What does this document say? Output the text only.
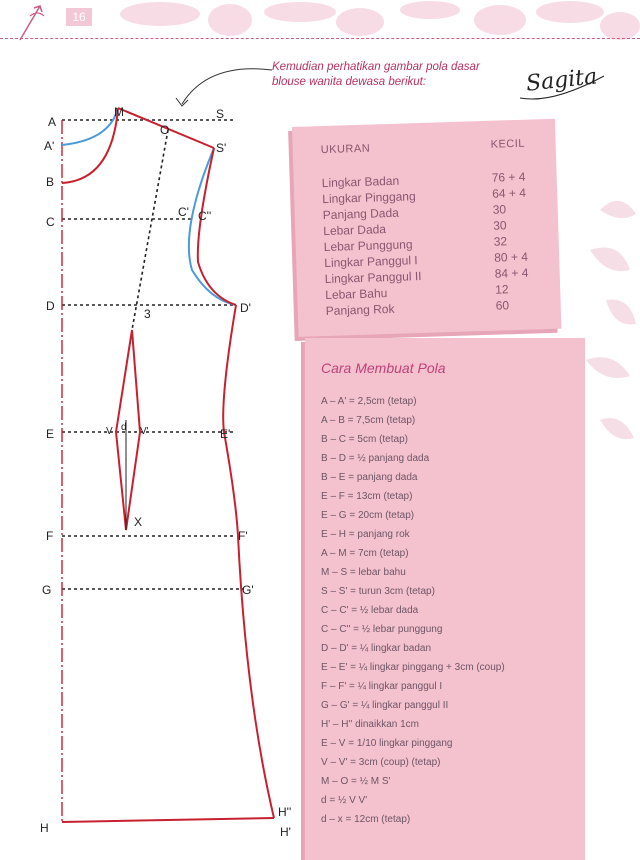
16
Kemudian perhatikan gambar pola dasar blouse wanita dewasa berikut:	Sagita
A
A'
B
C
D
E
F
G
H
M
O
S
S'
C' C''
D'
3
V d V'	E'
X
F'
G'
H''
H'
UKURAN	KECIL
Lingkar Badan	76 + 4
Lingkar Pinggang	64 + 4
Panjang Dada	30
Lebar Dada	30
Lebar Punggung	32
Lingkar Panggul I	80 + 4
Lingkar Panggul II	84 + 4
Lebar Bahu	12
Panjang Rok	60
Cara Membuat Pola
A – A' = 2,5cm (tetap)
A – B = 7,5cm (tetap)
B – C = 5cm (tetap)
B – D = ½ panjang dada
B – E = panjang dada
E – F = 13cm (tetap)
E – G = 20cm (tetap)
E – H = panjang rok
A – M = 7cm (tetap)
M – S = lebar bahu
S – S' = turun 3cm (tetap)
C – C' = ½ lebar dada
C – C'' = ½ lebar punggung
D – D' = ¼ lingkar badan
E – E' = ¼ lingkar pinggang + 3cm (coup)
F – F' = ¼ lingkar panggul I
G – G' = ¼ lingkar panggul II
H' – H'' dinaikkan 1cm
E – V = 1/10 lingkar pinggang
V – V' = 3cm (coup) (tetap)
M – O = ½ M S'
d = ½ V V'
d – x = 12cm (tetap)
